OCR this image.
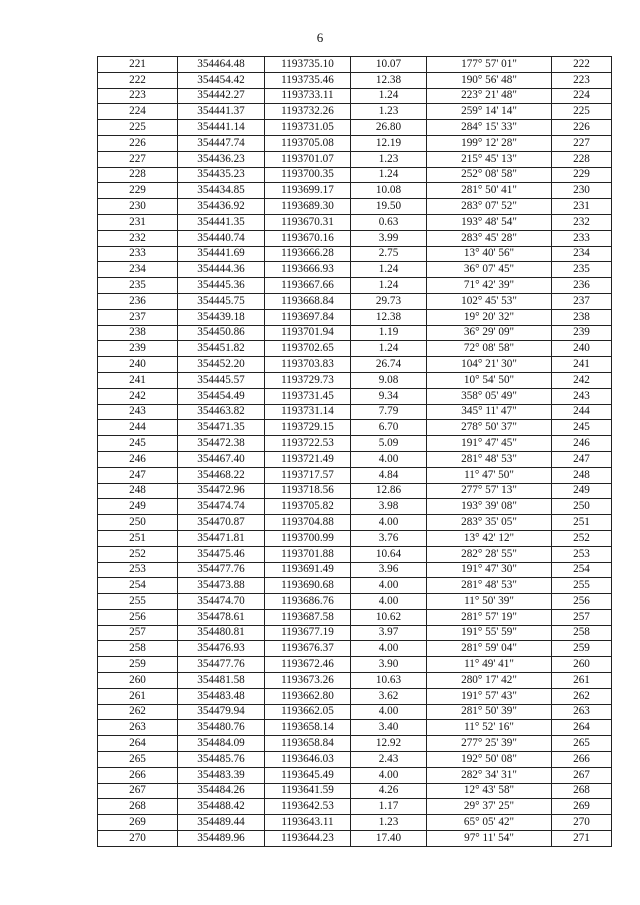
6
221	354464.48	1193735.10	10.07	177° 57' 01"	222
222	354454.42	1193735.46	12.38	190° 56' 48"	223
223	354442.27	1193733.11	1.24	223° 21' 48"	224
224	354441.37	1193732.26	1.23	259° 14' 14"	225
225	354441.14	1193731.05	26.80	284° 15' 33"	226
226	354447.74	1193705.08	12.19	199° 12' 28"	227
227	354436.23	1193701.07	1.23	215° 45' 13"	228
228	354435.23	1193700.35	1.24	252° 08' 58"	229
229	354434.85	1193699.17	10.08	281° 50' 41"	230
230	354436.92	1193689.30	19.50	283° 07' 52"	231
231	354441.35	1193670.31	0.63	193° 48' 54"	232
232	354440.74	1193670.16	3.99	283° 45' 28"	233
233	354441.69	1193666.28	2.75	13° 40' 56"	234
234	354444.36	1193666.93	1.24	36° 07' 45"	235
235	354445.36	1193667.66	1.24	71° 42' 39"	236
236	354445.75	1193668.84	29.73	102° 45' 53"	237
237	354439.18	1193697.84	12.38	19° 20' 32"	238
238	354450.86	1193701.94	1.19	36° 29' 09"	239
239	354451.82	1193702.65	1.24	72° 08' 58"	240
240	354452.20	1193703.83	26.74	104° 21' 30"	241
241	354445.57	1193729.73	9.08	10° 54' 50"	242
242	354454.49	1193731.45	9.34	358° 05' 49"	243
243	354463.82	1193731.14	7.79	345° 11' 47"	244
244	354471.35	1193729.15	6.70	278° 50' 37"	245
245	354472.38	1193722.53	5.09	191° 47' 45"	246
246	354467.40	1193721.49	4.00	281° 48' 53"	247
247	354468.22	1193717.57	4.84	11° 47' 50"	248
248	354472.96	1193718.56	12.86	277° 57' 13"	249
249	354474.74	1193705.82	3.98	193° 39' 08"	250
250	354470.87	1193704.88	4.00	283° 35' 05"	251
251	354471.81	1193700.99	3.76	13° 42' 12"	252
252	354475.46	1193701.88	10.64	282° 28' 55"	253
253	354477.76	1193691.49	3.96	191° 47' 30"	254
254	354473.88	1193690.68	4.00	281° 48' 53"	255
255	354474.70	1193686.76	4.00	11° 50' 39"	256
256	354478.61	1193687.58	10.62	281° 57' 19"	257
257	354480.81	1193677.19	3.97	191° 55' 59"	258
258	354476.93	1193676.37	4.00	281° 59' 04"	259
259	354477.76	1193672.46	3.90	11° 49' 41"	260
260	354481.58	1193673.26	10.63	280° 17' 42"	261
261	354483.48	1193662.80	3.62	191° 57' 43"	262
262	354479.94	1193662.05	4.00	281° 50' 39"	263
263	354480.76	1193658.14	3.40	11° 52' 16"	264
264	354484.09	1193658.84	12.92	277° 25' 39"	265
265	354485.76	1193646.03	2.43	192° 50' 08"	266
266	354483.39	1193645.49	4.00	282° 34' 31"	267
267	354484.26	1193641.59	4.26	12° 43' 58"	268
268	354488.42	1193642.53	1.17	29° 37' 25"	269
269	354489.44	1193643.11	1.23	65° 05' 42"	270
270	354489.96	1193644.23	17.40	97° 11' 54"	271
